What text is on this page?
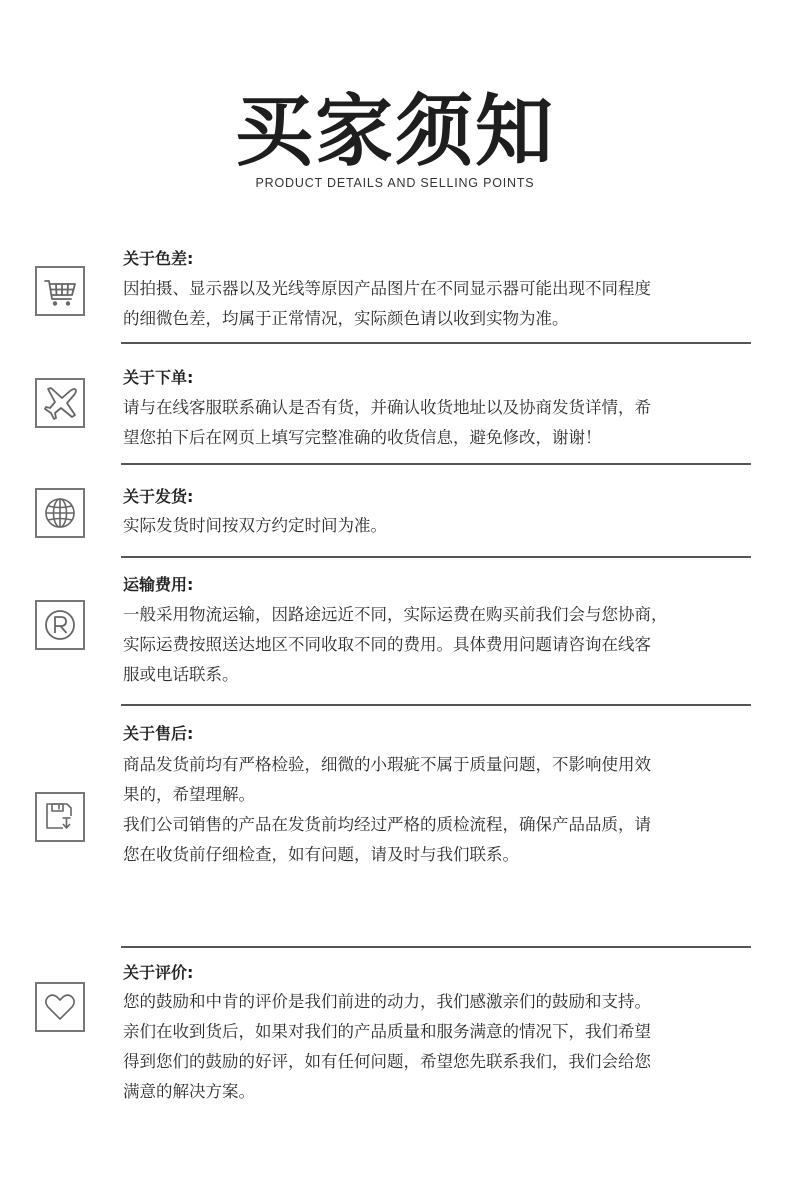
买家须知
PRODUCT DETAILS AND SELLING POINTS
关于色差:
因拍摄、显示器以及光线等原因产品图片在不同显示器可能出现不同程度
的细微色差，均属于正常情况，实际颜色请以收到实物为准。
关于下单:
请与在线客服联系确认是否有货，并确认收货地址以及协商发货详情，希
望您拍下后在网页上填写完整准确的收货信息，避免修改，谢谢！
关于发货:
实际发货时间按双方约定时间为准。
运输费用:
一般采用物流运输，因路途远近不同，实际运费在购买前我们会与您协商，
实际运费按照送达地区不同收取不同的费用。具体费用问题请咨询在线客
服或电话联系。
关于售后:
商品发货前均有严格检验，细微的小瑕疵不属于质量问题，不影响使用效
果的，希望理解。
我们公司销售的产品在发货前均经过严格的质检流程，确保产品品质，请
您在收货前仔细检查，如有问题，请及时与我们联系。
关于评价:
您的鼓励和中肯的评价是我们前进的动力，我们感激亲们的鼓励和支持。
亲们在收到货后，如果对我们的产品质量和服务满意的情况下，我们希望
得到您们的鼓励的好评，如有任何问题，希望您先联系我们，我们会给您
满意的解决方案。
